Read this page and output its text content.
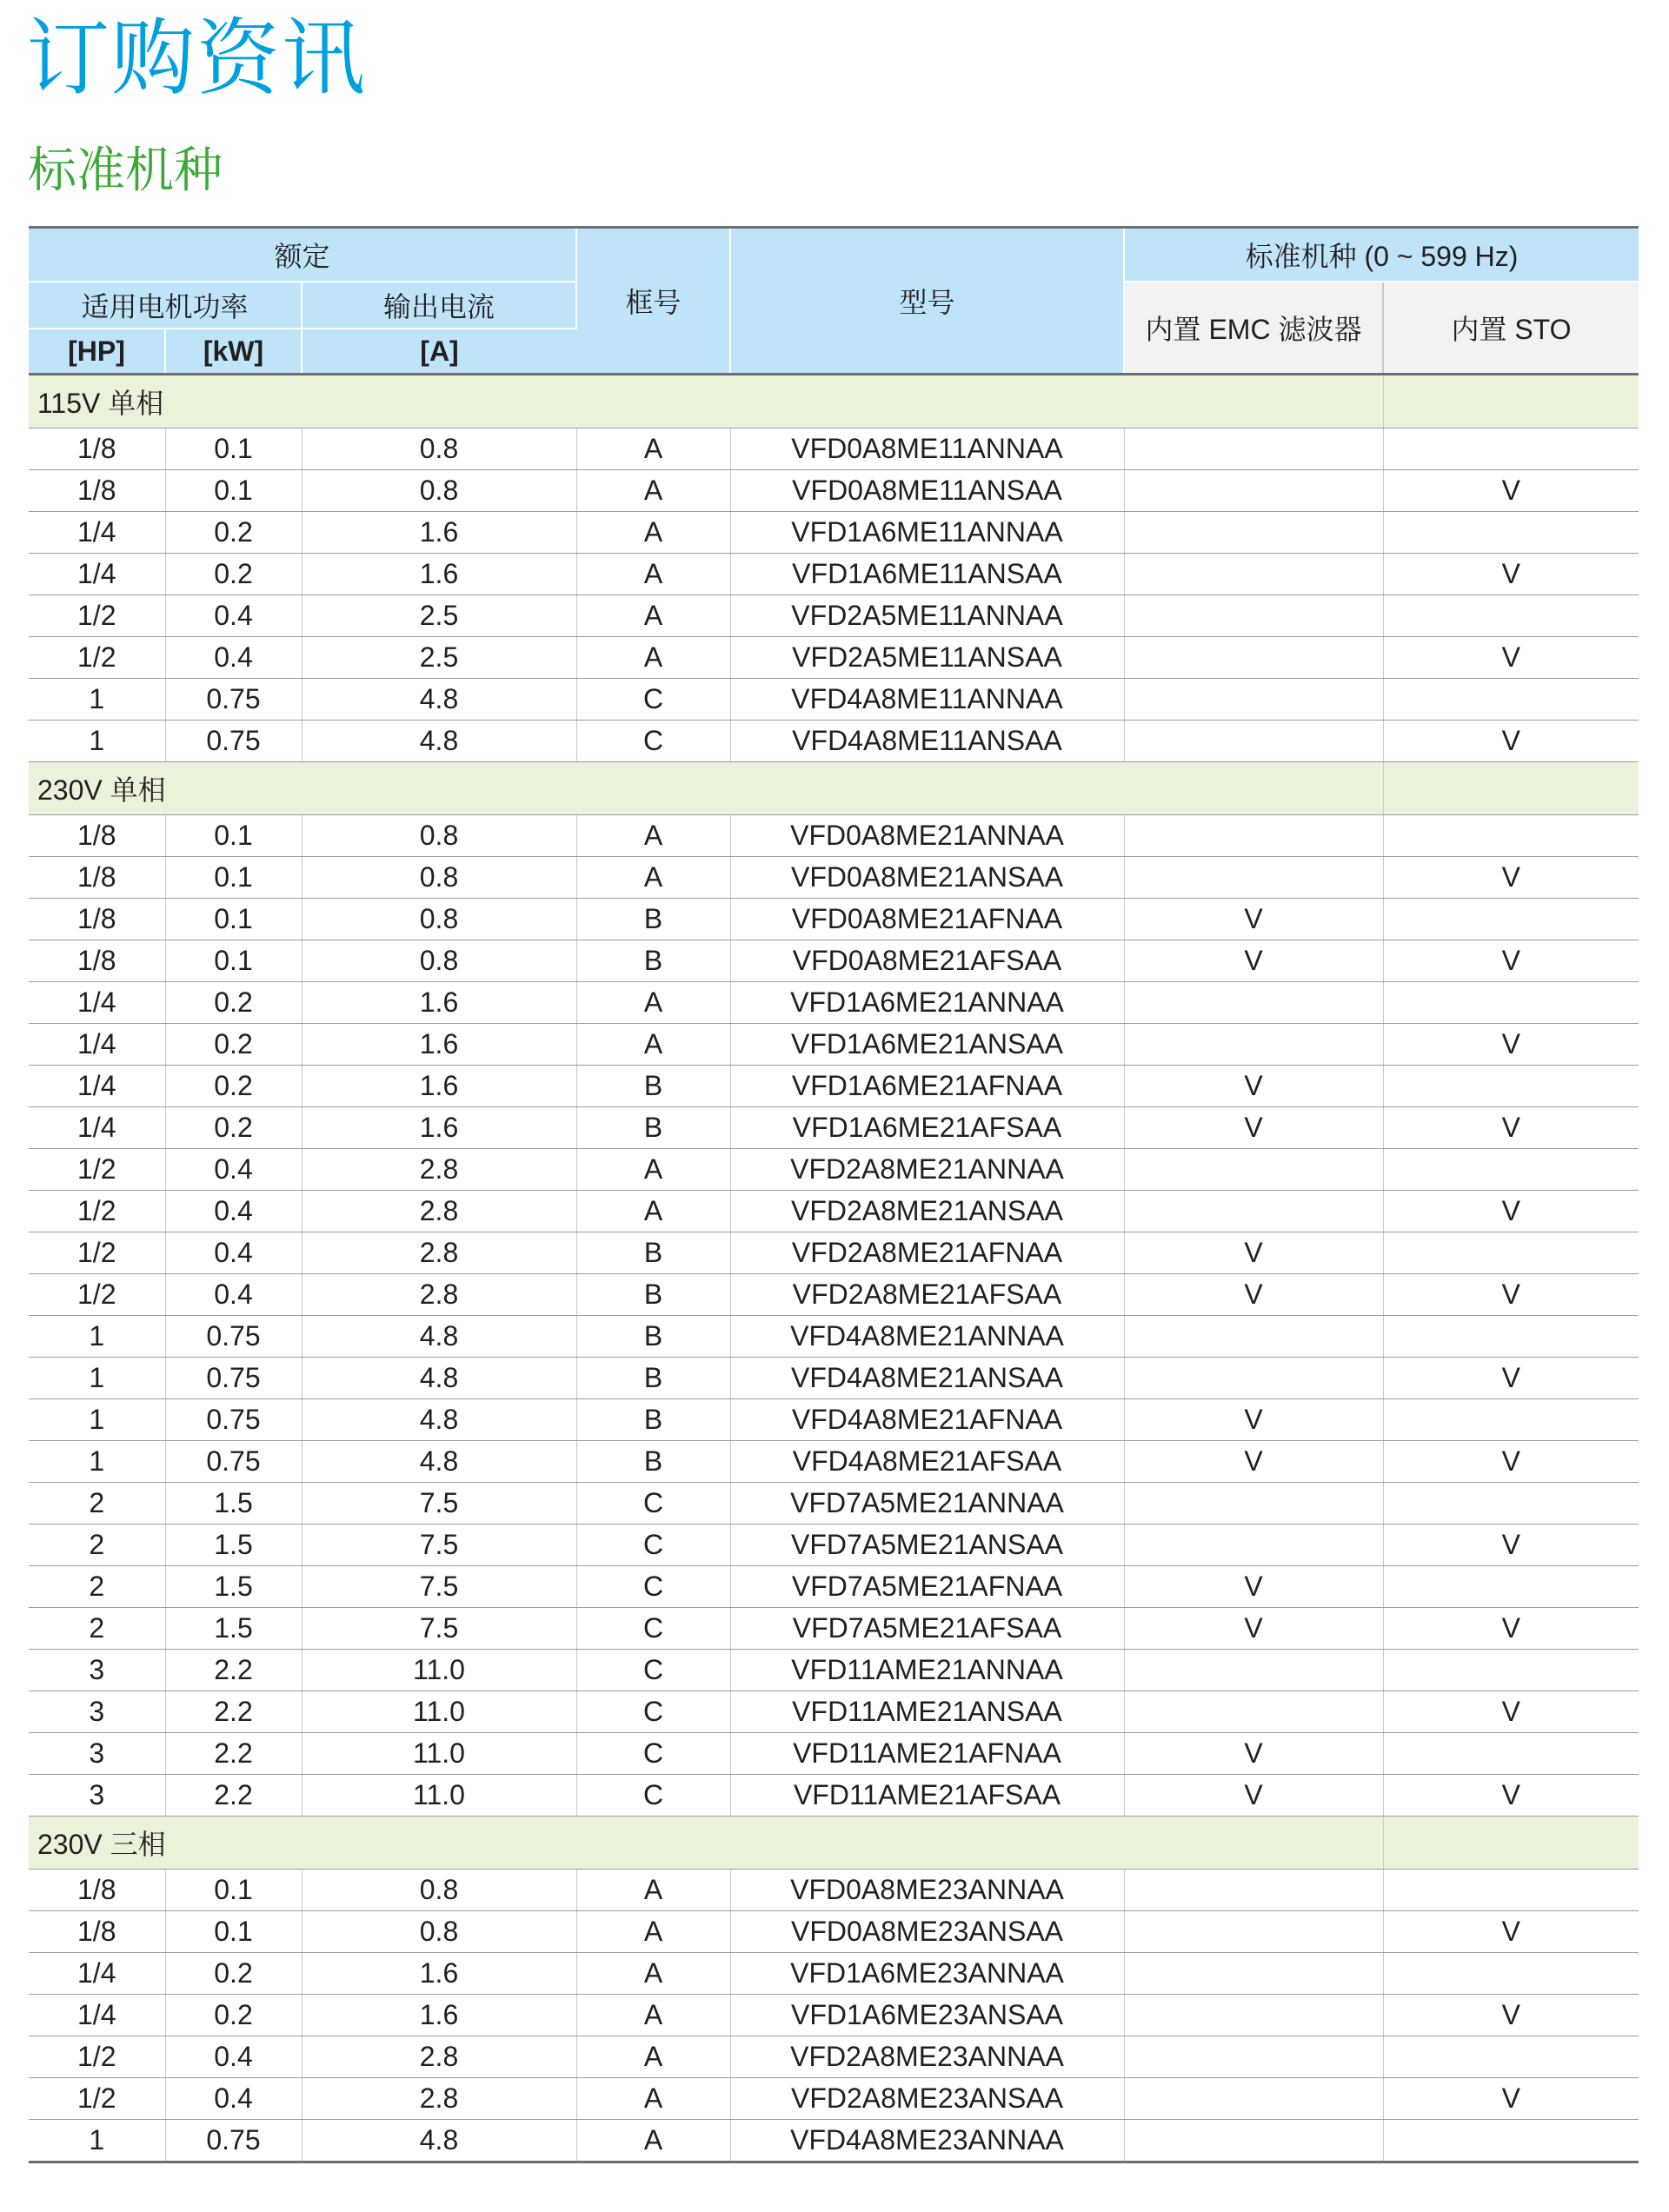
订购资讯
标准机种
额定			框号	型号	标准机种 (0 ~ 599 Hz)	
适用电机功率		输出电流			内置 EMC 滤波器	内置 STO
[HP]	[kW]	[A]				
115V 单相						
1/8	0.1	0.8	A	VFD0A8ME11ANNAA		
1/8	0.1	0.8	A	VFD0A8ME11ANSAA		V
1/4	0.2	1.6	A	VFD1A6ME11ANNAA		
1/4	0.2	1.6	A	VFD1A6ME11ANSAA		V
1/2	0.4	2.5	A	VFD2A5ME11ANNAA		
1/2	0.4	2.5	A	VFD2A5ME11ANSAA		V
1	0.75	4.8	C	VFD4A8ME11ANNAA		
1	0.75	4.8	C	VFD4A8ME11ANSAA		V
230V 单相						
1/8	0.1	0.8	A	VFD0A8ME21ANNAA		
1/8	0.1	0.8	A	VFD0A8ME21ANSAA		V
1/8	0.1	0.8	B	VFD0A8ME21AFNAA	V	
1/8	0.1	0.8	B	VFD0A8ME21AFSAA	V	V
1/4	0.2	1.6	A	VFD1A6ME21ANNAA		
1/4	0.2	1.6	A	VFD1A6ME21ANSAA		V
1/4	0.2	1.6	B	VFD1A6ME21AFNAA	V	
1/4	0.2	1.6	B	VFD1A6ME21AFSAA	V	V
1/2	0.4	2.8	A	VFD2A8ME21ANNAA		
1/2	0.4	2.8	A	VFD2A8ME21ANSAA		V
1/2	0.4	2.8	B	VFD2A8ME21AFNAA	V	
1/2	0.4	2.8	B	VFD2A8ME21AFSAA	V	V
1	0.75	4.8	B	VFD4A8ME21ANNAA		
1	0.75	4.8	B	VFD4A8ME21ANSAA		V
1	0.75	4.8	B	VFD4A8ME21AFNAA	V	
1	0.75	4.8	B	VFD4A8ME21AFSAA	V	V
2	1.5	7.5	C	VFD7A5ME21ANNAA		
2	1.5	7.5	C	VFD7A5ME21ANSAA		V
2	1.5	7.5	C	VFD7A5ME21AFNAA	V	
2	1.5	7.5	C	VFD7A5ME21AFSAA	V	V
3	2.2	11.0	C	VFD11AME21ANNAA		
3	2.2	11.0	C	VFD11AME21ANSAA		V
3	2.2	11.0	C	VFD11AME21AFNAA	V	
3	2.2	11.0	C	VFD11AME21AFSAA	V	V
230V 三相						
1/8	0.1	0.8	A	VFD0A8ME23ANNAA		
1/8	0.1	0.8	A	VFD0A8ME23ANSAA		V
1/4	0.2	1.6	A	VFD1A6ME23ANNAA		
1/4	0.2	1.6	A	VFD1A6ME23ANSAA		V
1/2	0.4	2.8	A	VFD2A8ME23ANNAA		
1/2	0.4	2.8	A	VFD2A8ME23ANSAA		V
1	0.75	4.8	A	VFD4A8ME23ANNAA		
